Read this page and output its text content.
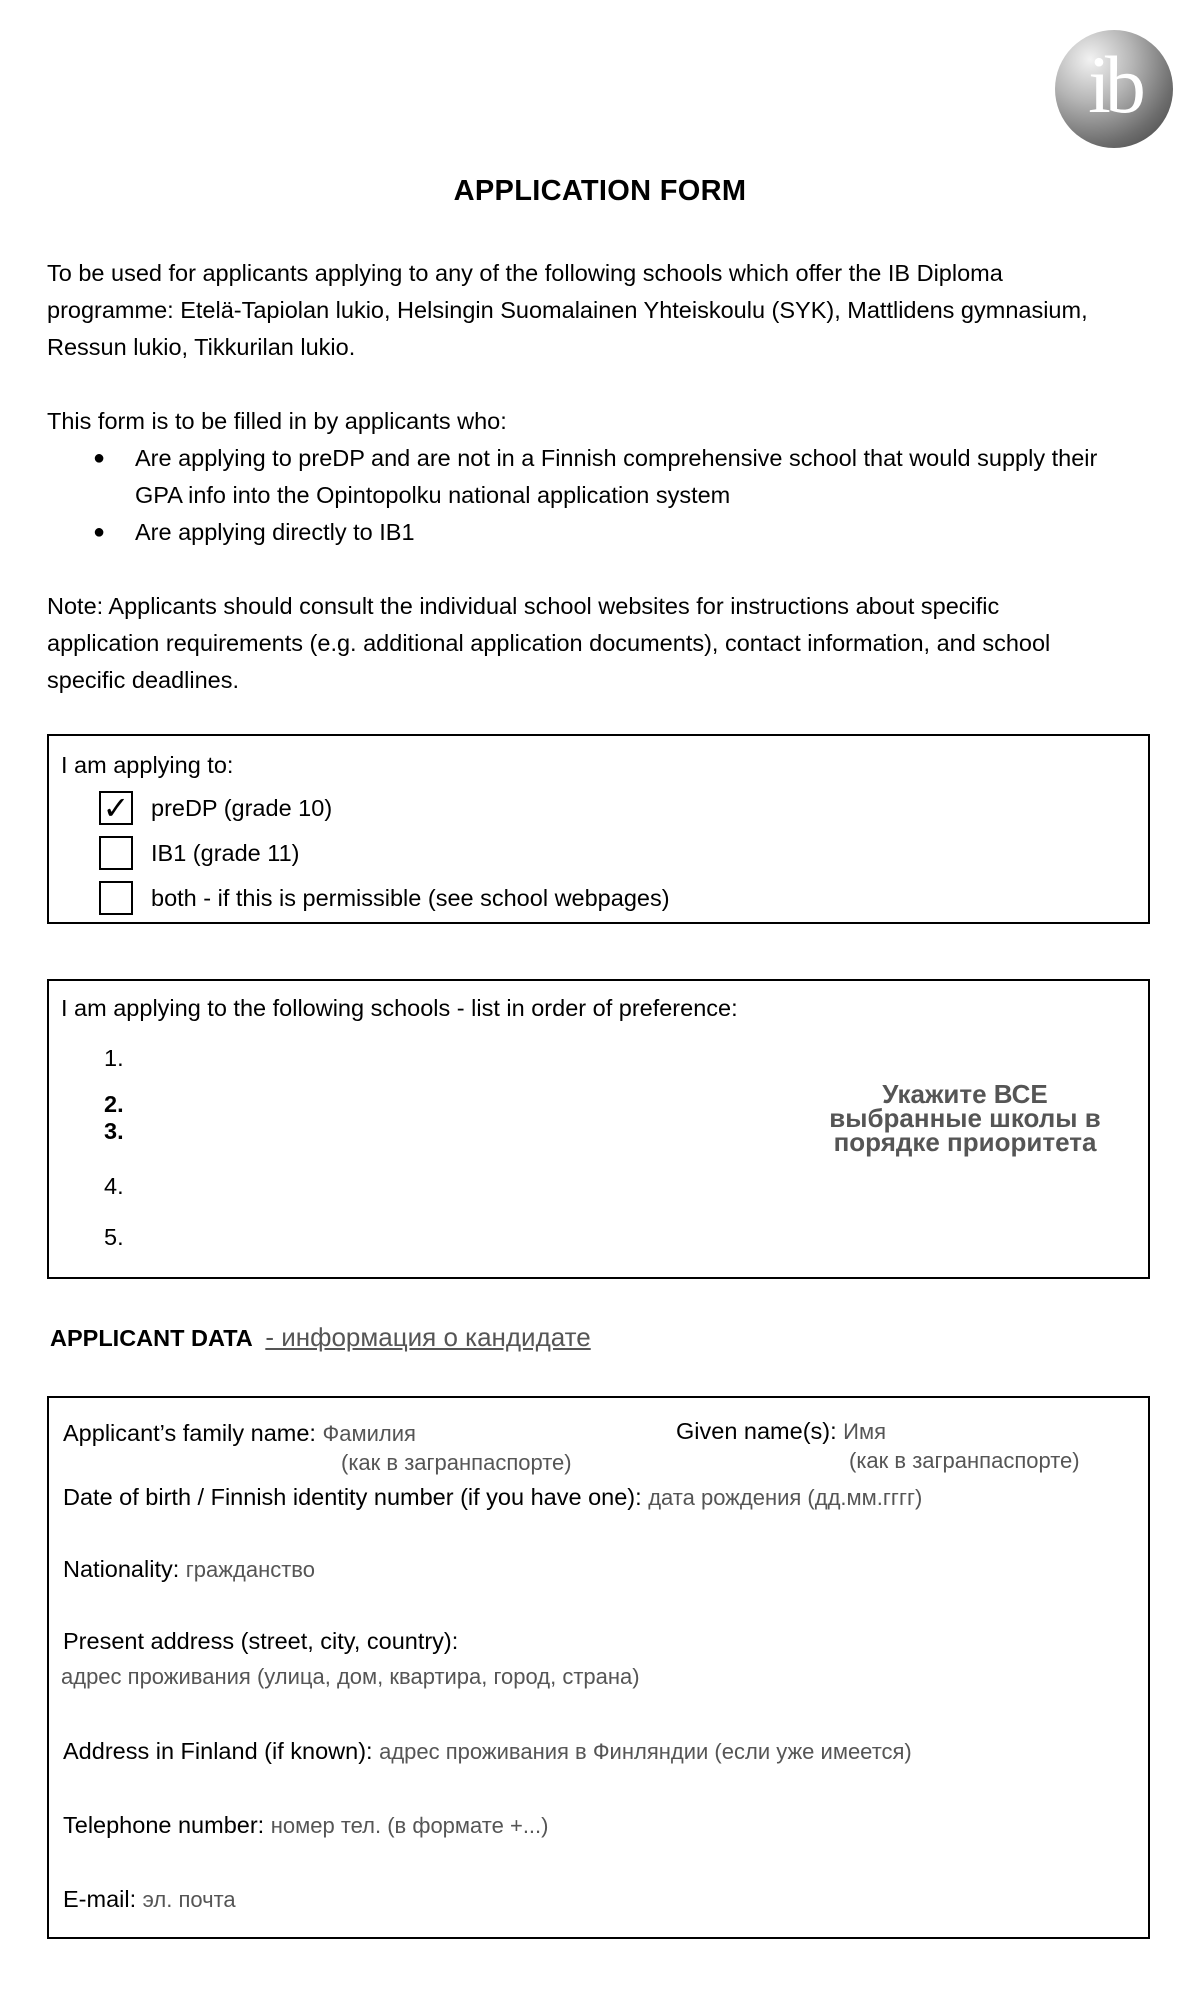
ib
APPLICATION FORM
To be used for applicants applying to any of the following schools which offer the IB Diploma
programme: Etelä-Tapiolan lukio, Helsingin Suomalainen Yhteiskoulu (SYK), Mattlidens gymnasium,
Ressun lukio, Tikkurilan lukio.
This form is to be filled in by applicants who:
● Are applying to preDP and are not in a Finnish comprehensive school that would supply their
GPA info into the Opintopolku national application system
● Are applying directly to IB1
Note: Applicants should consult the individual school websites for instructions about specific
application requirements (e.g. additional application documents), contact information, and school
specific deadlines.
I am applying to:
✓ preDP (grade 10)
IB1 (grade 11)
both - if this is permissible (see school webpages)
I am applying to the following schools - list in order of preference:
1.
2.
3.
4.
5.
Укажите ВСЕ
выбранные школы в
порядке приоритета
APPLICANT DATA - информация о кандидате
Applicant’s family name: Фамилия
(как в загранпаспорте)
Given name(s): Имя
(как в загранпаспорте)
Date of birth / Finnish identity number (if you have one): дата рождения (дд.мм.гггг)
Nationality: гражданство
Present address (street, city, country):
адрес проживания (улица, дом, квартира, город, страна)
Address in Finland (if known): адрес проживания в Финляндии (если уже имеется)
Telephone number: номер тел. (в формате +...)
E-mail: эл. почта
